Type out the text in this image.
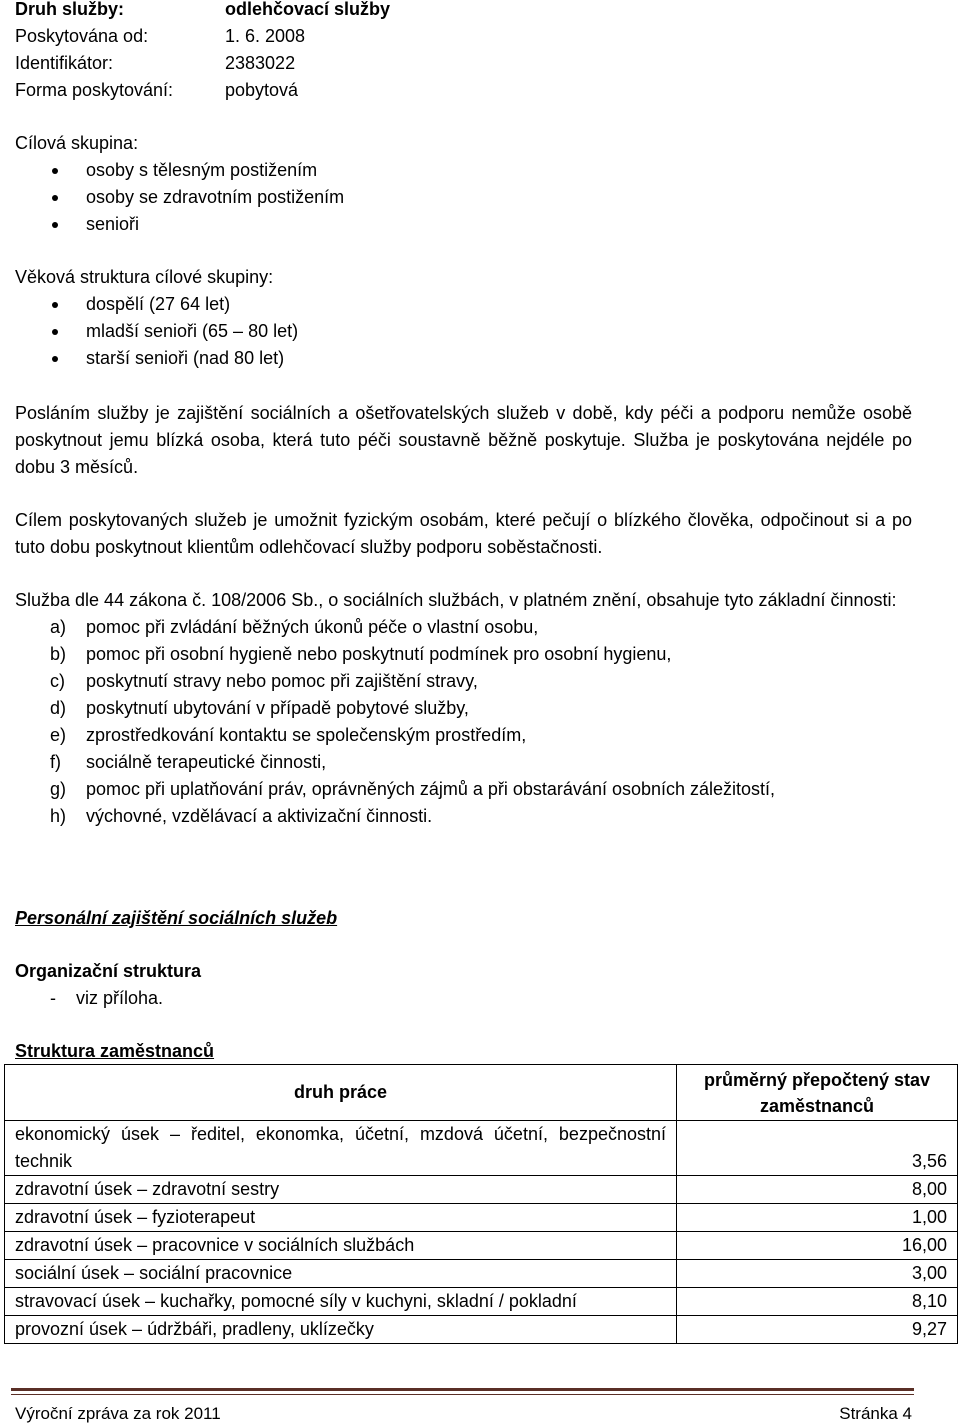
Druh služby:	odlehčovací služby
Poskytována od:	1. 6. 2008
Identifikátor:	2383022
Forma poskytování:	pobytová
Cílová skupina:
osoby s tělesným postižením
osoby se zdravotním postižením
senioři
Věková struktura cílové skupiny:
dospělí (27 64 let)
mladší senioři (65 – 80 let)
starší senioři (nad 80 let)
Posláním služby je zajištění sociálních a ošetřovatelských služeb v době, kdy péči a podporu nemůže osobě poskytnout jemu blízká osoba, která tuto péči soustavně běžně poskytuje. Služba je poskytována nejdéle po dobu 3 měsíců.
Cílem poskytovaných služeb je umožnit fyzickým osobám, které pečují o blízkého člověka, odpočinout si a po tuto dobu poskytnout klientům odlehčovací služby podporu soběstačnosti.
Služba dle 44 zákona č. 108/2006 Sb., o sociálních službách, v platném znění, obsahuje tyto základní činnosti:
a) pomoc při zvládání běžných úkonů péče o vlastní osobu,
b) pomoc při osobní hygieně nebo poskytnutí podmínek pro osobní hygienu,
c) poskytnutí stravy nebo pomoc při zajištění stravy,
d) poskytnutí ubytování v případě pobytové služby,
e) zprostředkování kontaktu se společenským prostředím,
f) sociálně terapeutické činnosti,
g) pomoc při uplatňování práv, oprávněných zájmů a při obstarávání osobních záležitostí,
h) výchovné, vzdělávací a aktivizační činnosti.
Personální zajištění sociálních služeb
Organizační struktura
-    viz příloha.
Struktura zaměstnanců
druh práce	průměrný přepočtený stav zaměstnanců
ekonomický úsek – ředitel, ekonomka, účetní, mzdová účetní, bezpečnostní technik	3,56
zdravotní úsek – zdravotní sestry	8,00
zdravotní úsek – fyzioterapeut	1,00
zdravotní úsek – pracovnice v sociálních službách	16,00
sociální úsek – sociální pracovnice	3,00
stravovací úsek – kuchařky, pomocné síly v kuchyni, skladní / pokladní	8,10
provozní úsek – údržbáři, pradleny, uklízečky	9,27
Výroční zpráva za rok 2011	Stránka 4
